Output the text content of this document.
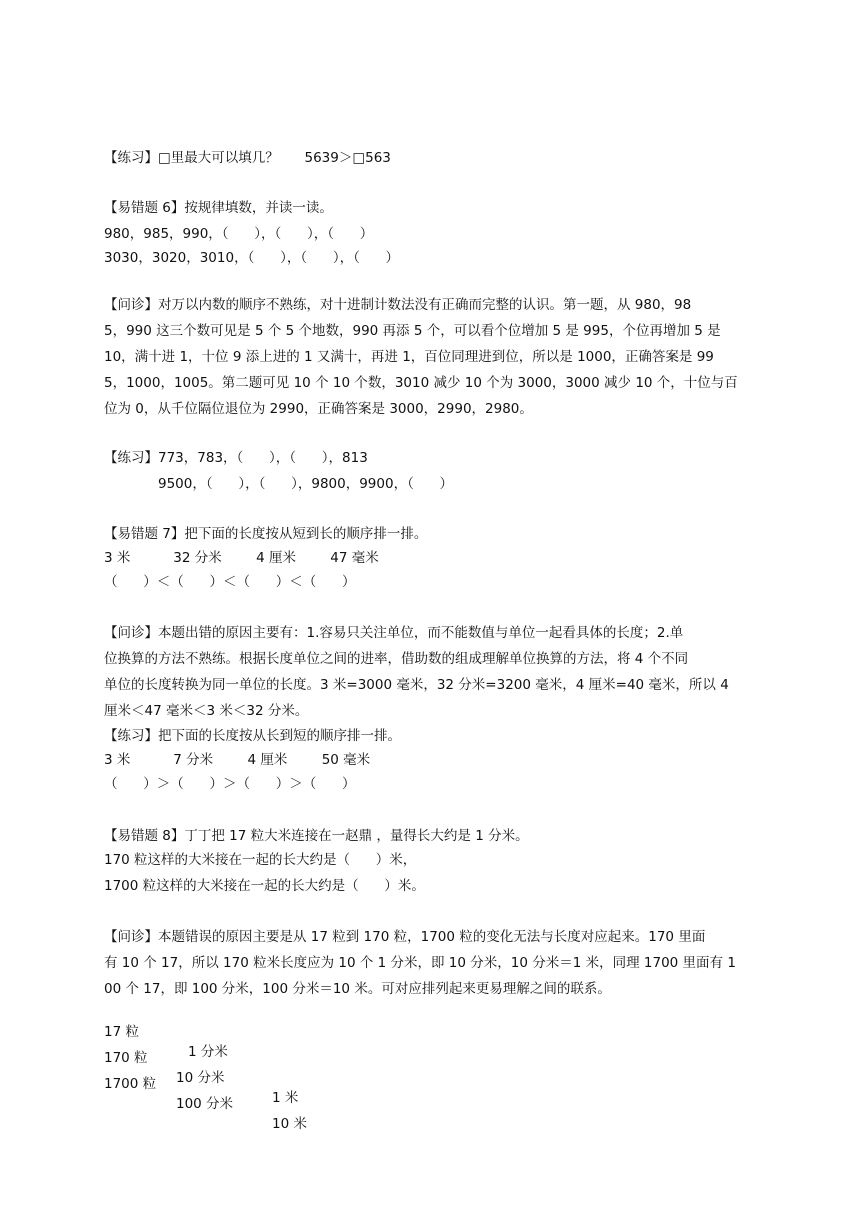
【练习】□里最大可以填几？      5639＞□563
【易错题 6】按规律填数，并读一读。
980，985，990，（      ），（      ），（      ）
3030，3020，3010，（      ），（      ），（      ）
【问诊】对万以内数的顺序不熟练，对十进制计数法没有正确而完整的认识。第一题，从 980，98
5，990 这三个数可见是 5 个 5 个地数，990 再添 5 个，可以看个位增加 5 是 995，个位再增加 5 是
10，满十进 1，十位 9 添上进的 1 又满十，再进 1，百位同理进到位，所以是 1000，正确答案是 99
5，1000，1005。第二题可见 10 个 10 个数，3010 减少 10 个为 3000，3000 减少 10 个，十位与百
位为 0，从千位隔位退位为 2990，正确答案是 3000，2990，2980。
【练习】773，783，（      ），（      ），813
9500，（      ），（      ），9800，9900，（      ）
【易错题 7】把下面的长度按从短到长的顺序排一排。
3 米          32 分米        4 厘米        47 毫米
（      ）＜（      ）＜（      ）＜（      ）
【问诊】本题出错的原因主要有：1.容易只关注单位，而不能数值与单位一起看具体的长度；2.单
位换算的方法不熟练。根据长度单位之间的进率，借助数的组成理解单位换算的方法，将 4 个不同
单位的长度转换为同一单位的长度。3 米=3000 毫米，32 分米=3200 毫米，4 厘米=40 毫米，所以 4
厘米＜47 毫米＜3 米＜32 分米。
【练习】把下面的长度按从长到短的顺序排一排。
3 米          7 分米        4 厘米        50 毫米
（      ）＞（      ）＞（      ）＞（      ）
【易错题 8】丁丁把 17 粒大米连接在一赵鼎 ，量得长大约是 1 分米。
170 粒这样的大米接在一起的长大约是（      ）米，
1700 粒这样的大米接在一起的长大约是（      ）米。
【问诊】本题错误的原因主要是从 17 粒到 170 粒，1700 粒的变化无法与长度对应起来。170 里面
有 10 个 17，所以 170 粒米长度应为 10 个 1 分米，即 10 分米，10 分米＝1 米，同理 1700 里面有 1
00 个 17，即 100 分米，100 分米＝10 米。可对应排列起来更易理解之间的联系。

17 粒

1 分米

170 粒

10 分米

1 米

1700 粒

100 分米

10 米
